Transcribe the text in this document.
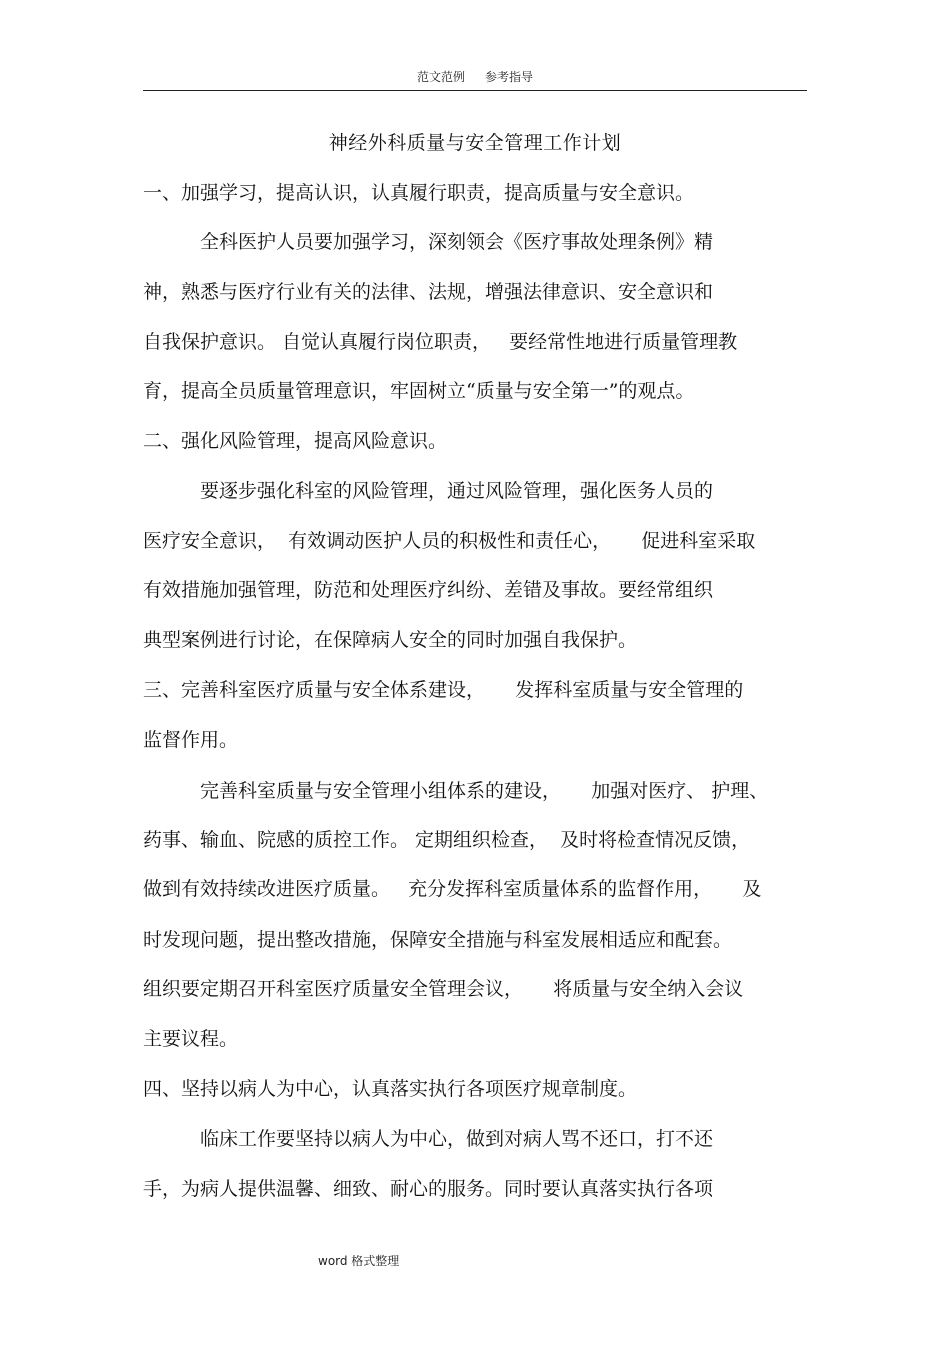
范文范例 参考指导
神经外科质量与安全管理工作计划
一、加强学习，提高认识，认真履行职责，提高质量与安全意识。
全科医护人员要加强学习，深刻领会《医疗事故处理条例》精
神，熟悉与医疗行业有关的法律、法规，增强法律意识、安全意识和
自我保护意识。 自觉认真履行岗位职责，   要经常性地进行质量管理教
育，提高全员质量管理意识，牢固树立“质量与安全第一”的观点。
二、强化风险管理，提高风险意识。
要逐步强化科室的风险管理，通过风险管理，强化医务人员的
医疗安全意识，  有效调动医护人员的积极性和责任心，     促进科室采取
有效措施加强管理，防范和处理医疗纠纷、差错及事故。要经常组织
典型案例进行讨论，在保障病人安全的同时加强自我保护。
三、完善科室医疗质量与安全体系建设，     发挥科室质量与安全管理的
监督作用。
完善科室质量与安全管理小组体系的建设，     加强对医疗、 护理、
药事、输血、院感的质控工作。 定期组织检查，  及时将检查情况反馈，
做到有效持续改进医疗质量。   充分发挥科室质量体系的监督作用，     及
时发现问题，提出整改措施，保障安全措施与科室发展相适应和配套。
组织要定期召开科室医疗质量安全管理会议，     将质量与安全纳入会议
主要议程。
四、坚持以病人为中心，认真落实执行各项医疗规章制度。
临床工作要坚持以病人为中心，做到对病人骂不还口，打不还
手，为病人提供温馨、细致、耐心的服务。同时要认真落实执行各项
word 格式整理
